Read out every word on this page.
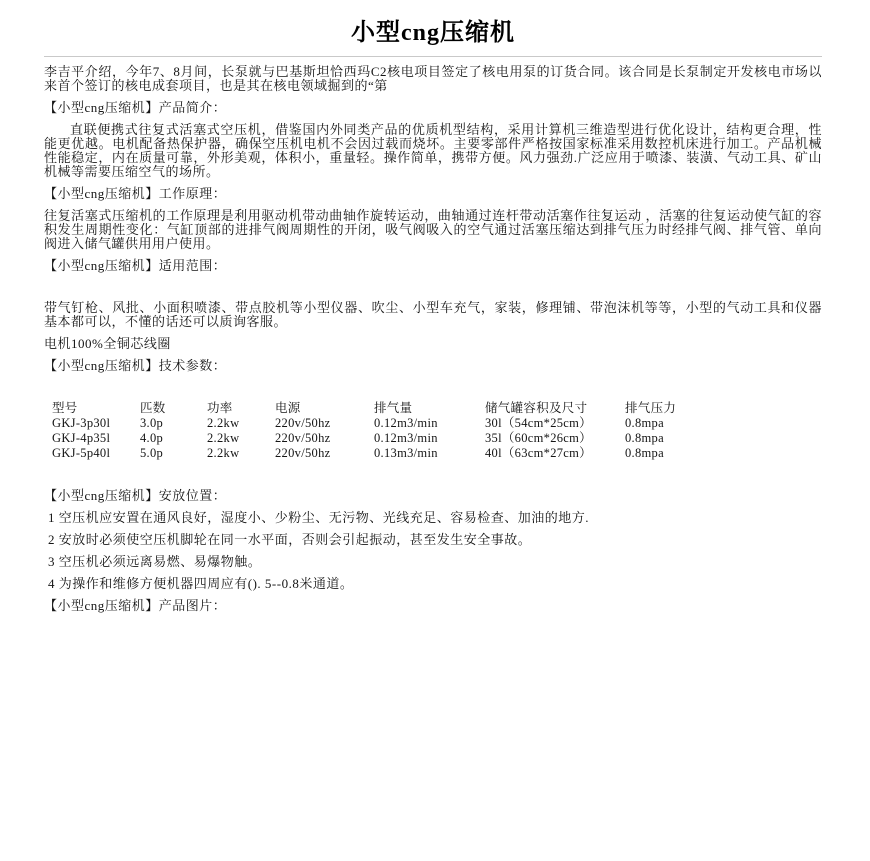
小型cng压缩机

李吉平介绍，今年7、8月间，长泵就与巴基斯坦恰西玛C2核电项目签定了核电用泵的订货合同。该合同是长泵制定开发核电市场以来首个签订的核电成套项目，也是其在核电领域掘到的“第

【小型cng压缩机】产品简介：

直联便携式往复式活塞式空压机，借鉴国内外同类产品的优质机型结构，采用计算机三维造型进行优化设计，结构更合理，性能更优越。电机配备热保护器，确保空压机电机不会因过载而烧坏。主要零部件严格按国家标准采用数控机床进行加工。产品机械性能稳定，内在质量可靠，外形美观，体积小，重量轻。操作简单，携带方便。风力强劲.广泛应用于喷漆、装潢、气动工具、矿山机械等需要压缩空气的场所。

【小型cng压缩机】工作原理：

往复活塞式压缩机的工作原理是利用驱动机带动曲轴作旋转运动，曲轴通过连杆带动活塞作往复运动 ，活塞的往复运动使气缸的容积发生周期性变化：气缸顶部的进排气阀周期性的开闭，吸气阀吸入的空气通过活塞压缩达到排气压力时经排气阀、排气管、单向阀进入储气罐供用用户使用。

【小型cng压缩机】适用范围：

带气钉枪、风批、小面积喷漆、带点胶机等小型仪器、吹尘、小型车充气，家装，修理铺、带泡沫机等等，小型的气动工具和仪器基本都可以，不懂的话还可以质询客服。

电机100%全铜芯线圈

【小型cng压缩机】技术参数：

型号	匹数	功率	电源	排气量	储气罐容积及尺寸	排气压力
GKJ-3p30l	3.0p	2.2kw	220v/50hz	0.12m3/min	30l（54cm*25cm）	0.8mpa
GKJ-4p35l	4.0p	2.2kw	220v/50hz	0.12m3/min	35l（60cm*26cm）	0.8mpa
GKJ-5p40l	5.0p	2.2kw	220v/50hz	0.13m3/min	40l（63cm*27cm）	0.8mpa

【小型cng压缩机】安放位置：

1 空压机应安置在通风良好，湿度小、少粉尘、无污物、光线充足、容易检查、加油的地方.

2 安放时必须使空压机脚轮在同一水平面，否则会引起振动，甚至发生安全事故。

3 空压机必须远离易燃、易爆物触。

4 为操作和维修方便机器四周应有(). 5--0.8米通道。

【小型cng压缩机】产品图片：
